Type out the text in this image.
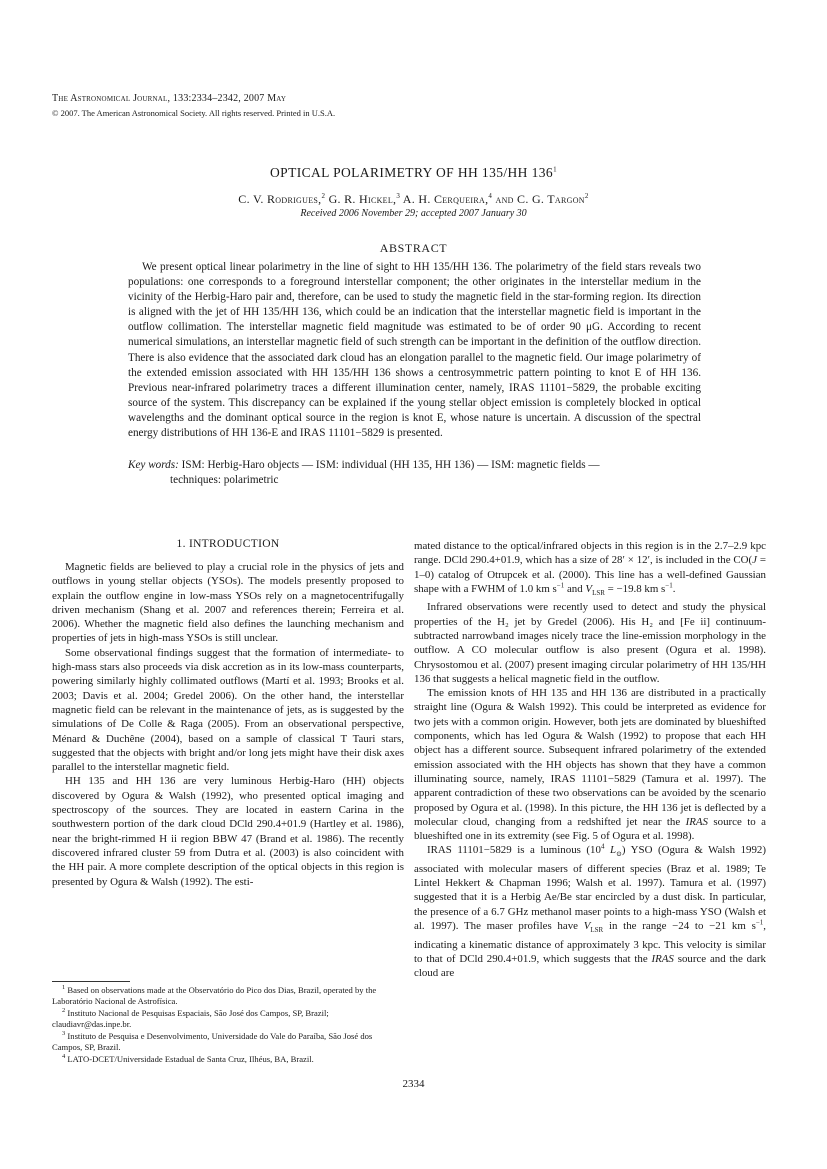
The Astronomical Journal, 133:2334–2342, 2007 May
© 2007. The American Astronomical Society. All rights reserved. Printed in U.S.A.
OPTICAL POLARIMETRY OF HH 135/HH $136^1$
C. V. Rodrigues,$^2$ G. R. Hickel,$^3$ A. H. Cerqueira,$^4$ and C. G. Targon$^2$
Received 2006 November 29; accepted 2007 January 30
ABSTRACT

We present optical linear polarimetry in the line of sight to HH 135/HH 136. The polarimetry of the field stars reveals two populations: one corresponds to a foreground interstellar component; the other originates in the interstellar medium in the vicinity of the Herbig-Haro pair and, therefore, can be used to study the magnetic field in the star-forming region. Its direction is aligned with the jet of HH 135/HH 136, which could be an indication that the interstellar magnetic field is important in the outflow collimation. The interstellar magnetic field magnitude was estimated to be of order 90 μG. According to recent numerical simulations, an interstellar magnetic field of such strength can be important in the definition of the outflow direction. There is also evidence that the associated dark cloud has an elongation parallel to the magnetic field. Our image polarimetry of the extended emission associated with HH 135/HH 136 shows a centrosymmetric pattern pointing to knot E of HH 136. Previous near-infrared polarimetry traces a different illumination center, namely, IRAS 11101−5829, the probable exciting source of the system. This discrepancy can be explained if the young stellar object emission is completely blocked in optical wavelengths and the dominant optical source in the region is knot E, whose nature is uncertain. A discussion of the spectral energy distributions of HH 136-E and IRAS 11101−5829 is presented.

Key words: ISM: Herbig-Haro objects — ISM: individual (HH 135, HH 136) — ISM: magnetic fields —
techniques: polarimetric
1. INTRODUCTION

Magnetic fields are believed to play a crucial role in the physics of jets and outflows in young stellar objects (YSOs). The models presently proposed to explain the outflow engine in low-mass YSOs rely on a magnetocentrifugally driven mechanism (Shang et al. 2007 and references therein; Ferreira et al. 2006). Whether the magnetic field also defines the launching mechanism and properties of jets in high-mass YSOs is still unclear.

Some observational findings suggest that the formation of intermediate- to high-mass stars also proceeds via disk accretion as in its low-mass counterparts, powering similarly highly collimated outflows (Martí et al. 1993; Brooks et al. 2003; Davis et al. 2004; Gredel 2006). On the other hand, the interstellar magnetic field can be relevant in the maintenance of jets, as is suggested by the simulations of De Colle & Raga (2005). From an observational perspective, Ménard & Duchêne (2004), based on a sample of classical T Tauri stars, suggested that the objects with bright and/or long jets might have their disk axes parallel to the interstellar magnetic field.

HH 135 and HH 136 are very luminous Herbig-Haro (HH) objects discovered by Ogura & Walsh (1992), who presented optical imaging and spectroscopy of the sources. They are located in eastern Carina in the southwestern portion of the dark cloud DCld 290.4+01.9 (Hartley et al. 1986), near the bright-rimmed H ii region BBW 47 (Brand et al. 1986). The recently discovered infrared cluster 59 from Dutra et al. (2003) is also coincident with the HH pair. A more complete description of the optical objects in this region is presented by Ogura & Walsh (1992). The esti-

mated distance to the optical/infrared objects in this region is in the 2.7–2.9 kpc range. DCld 290.4+01.9, which has a size of 28′ × 12′, is included in the CO(J = 1–0) catalog of Otrupcek et al. (2000). This line has a well-defined Gaussian shape with a FWHM of 1.0 km $s^{-1}$ and $V_{LSR} = -19.8$ km $s^{-1}$.

Infrared observations were recently used to detect and study the physical properties of the H₂ jet by Gredel (2006). His H₂ and [Fe ii] continuum-subtracted narrowband images nicely trace the line-emission morphology in the outflow. A CO molecular outflow is also present (Ogura et al. 1998). Chrysostomou et al. (2007) present imaging circular polarimetry of HH 135/HH 136 that suggests a helical magnetic field in the outflow.

The emission knots of HH 135 and HH 136 are distributed in a practically straight line (Ogura & Walsh 1992). This could be interpreted as evidence for two jets with a common origin. However, both jets are dominated by blueshifted components, which has led Ogura & Walsh (1992) to propose that each HH object has a different source. Subsequent infrared polarimetry of the extended emission associated with the HH objects has shown that they have a common illuminating source, namely, IRAS 11101−5829 (Tamura et al. 1997). The apparent contradiction of these two observations can be avoided by the scenario proposed by Ogura et al. (1998). In this picture, the HH 136 jet is deflected by a molecular cloud, changing from a redshifted jet near the IRAS source to a blueshifted one in its extremity (see Fig. 5 of Ogura et al. 1998).

IRAS 11101−5829 is a luminous ($10^4$ $L_⊙$) YSO (Ogura & Walsh 1992) associated with molecular masers of different species (Braz et al. 1989; Te Lintel Hekkert & Chapman 1996; Walsh et al. 1997). Tamura et al. (1997) suggested that it is a Herbig Ae/Be star encircled by a dust disk. In particular, the presence of a 6.7 GHz methanol maser points to a high-mass YSO (Walsh et al. 1997). The maser profiles have $V_{LSR}$ in the range −24 to −21 km $s^{-1}$, indicating a kinematic distance of approximately 3 kpc. This velocity is similar to that of DCld 290.4+01.9, which suggests that the IRAS source and the dark cloud are

$^1$ Based on observations made at the Observatório do Pico dos Dias, Brazil, operated by the Laboratório Nacional de Astrofísica.
$^2$ Instituto Nacional de Pesquisas Espaciais, São José dos Campos, SP, Brazil; claudiavr@das.inpe.br.
$^3$ Instituto de Pesquisa e Desenvolvimento, Universidade do Vale do Paraíba, São José dos Campos, SP, Brazil.
$^4$ LATO-DCET/Universidade Estadual de Santa Cruz, Ilhéus, BA, Brazil.
2334
